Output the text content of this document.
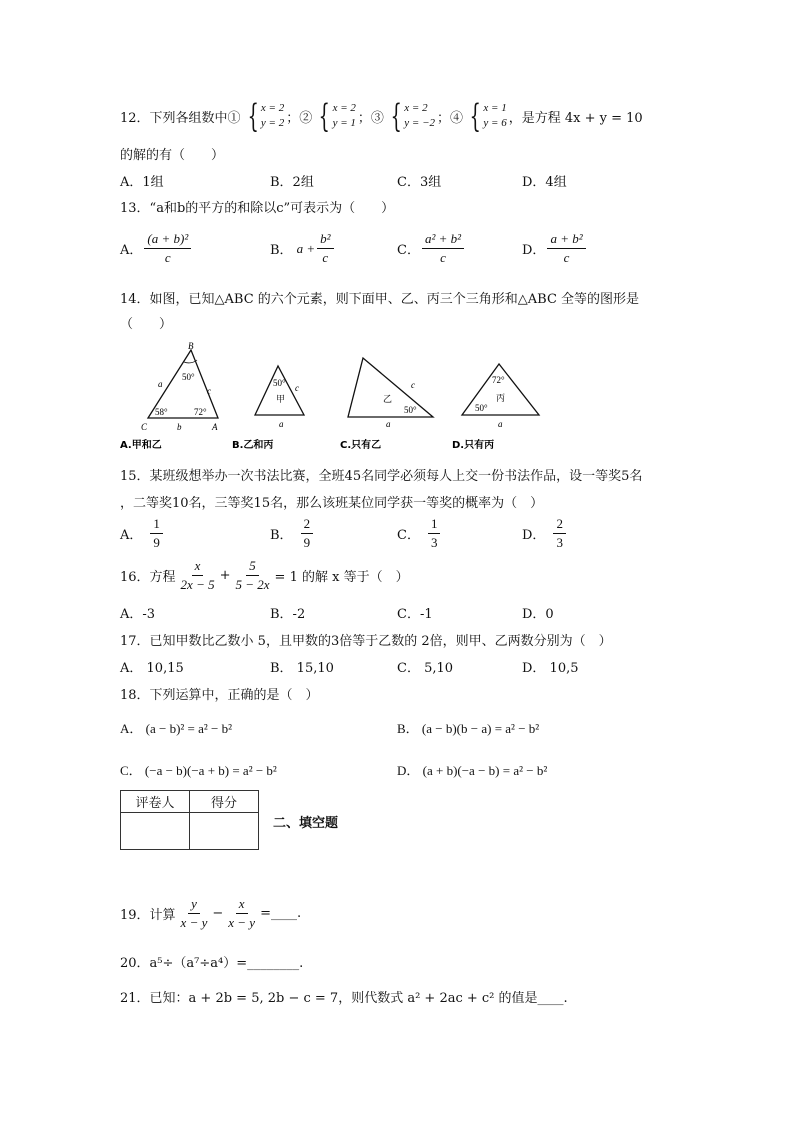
12．下列各组数中① { x = 2
y = 2 ；② { x = 2
y = 1 ；③ { x = 2
y = −2 ；④ { x = 1
y = 6 ，是方程 4x + y = 10
的解的有（　　）
A．1组	B．2组	C．3组	D．4组
13．“a和b的平方的和除以c”可表示为（　　）
A． $\frac{\text{(a + b)²}}{c}$	B． $a + \frac{\text{b²}}{c}$	C． $\frac{\text{a² + b²}}{c}$	D． $\frac{\text{a + b²}}{c}$
14．如图，已知△ABC 的六个元素，则下面甲、乙、丙三个三角形和△ABC 全等的图形是
（　　）
B
C	A
a
c
b
50°
58°	72°
50° c
甲
a
c
乙
50°
a
72°
丙
50°
a
A.甲和乙	B.乙和丙	C.只有乙	D.只有丙
15．某班级想举办一次书法比赛，全班45名同学必须每人上交一份书法作品，设一等奖5名
，二等奖10名，三等奖15名，那么该班某位同学获一等奖的概率为（　）
A． $\frac{1}{9}$	B． $\frac{2}{9}$	C． $\frac{1}{3}$	D． $\frac{2}{3}$
16．方程 $\frac{x}{2x - 5} + \frac{5}{5 - 2x} = 1$ 的解 x 等于（　）
A．-3	B．-2	C．-1	D．0
17．已知甲数比乙数小 5，且甲数的3倍等于乙数的 2倍，则甲、乙两数分别为（　）
A． 10,15	B． 15,10	C． 5,10	D． 10,5
18．下列运算中，正确的是（　）
A． (a − b)² = a² − b²	B． (a − b)(b − a) = a² − b²
C． (−a − b)(−a + b) = a² − b²	D． (a + b)(−a − b) = a² − b²
评卷人	得分

二、填空题
19．计算 $\frac{y}{x - y} - \frac{x}{x - y}$ =____.
20．a⁵÷（a⁷÷a⁴）=________.
21．已知：a + 2b = 5, 2b − c = 7，则代数式 a² + 2ac + c² 的值是____.
